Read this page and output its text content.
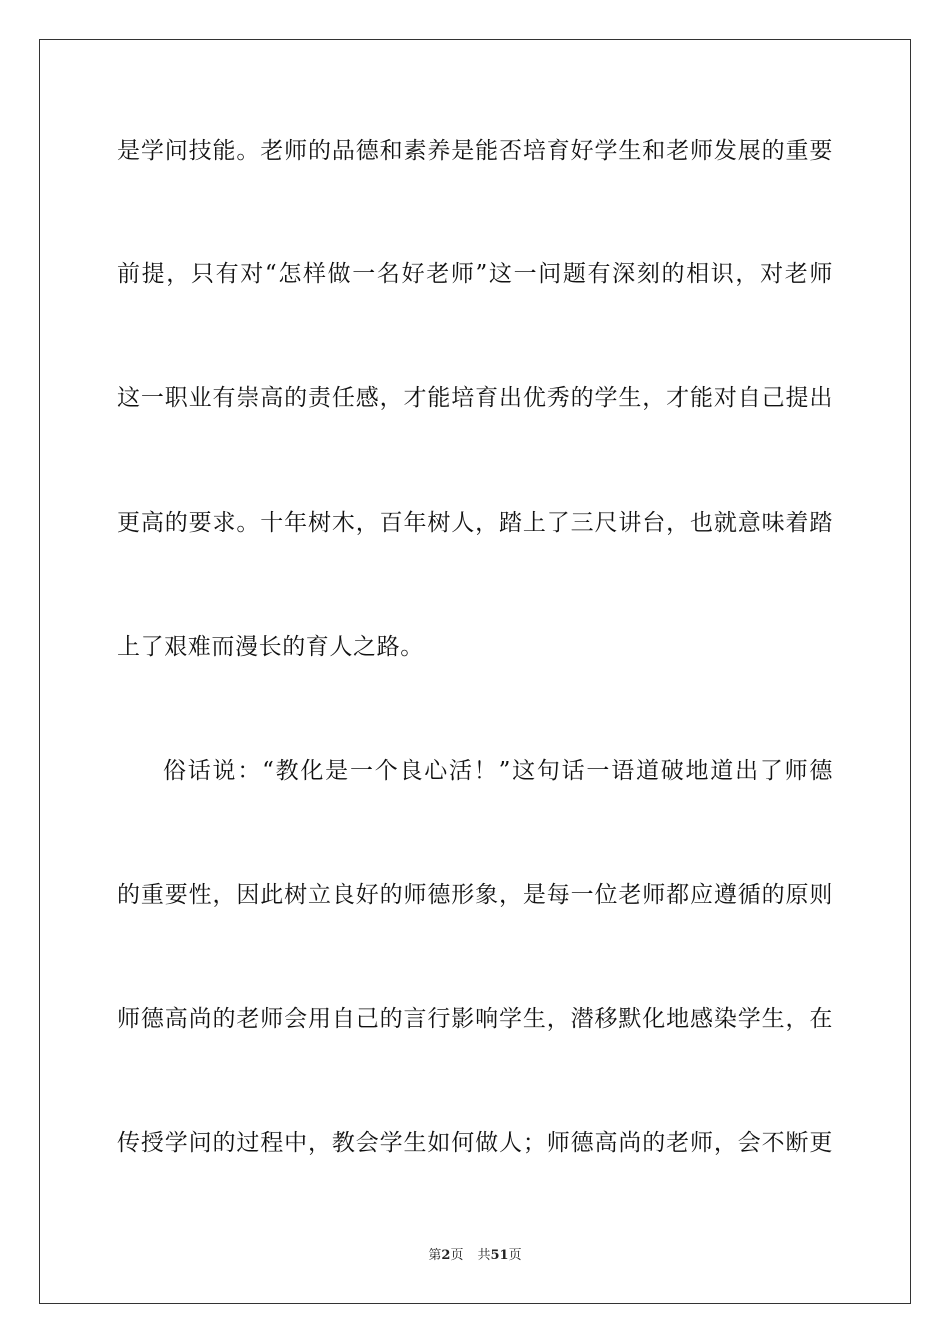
是学问技能。老师的品德和素养是能否培育好学生和老师发展的重要
前提，只有对“怎样做一名好老师”这一问题有深刻的相识，对老师
这一职业有崇高的责任感，才能培育出优秀的学生，才能对自己提出
更高的要求。十年树木，百年树人，踏上了三尺讲台，也就意味着踏
上了艰难而漫长的育人之路。
俗话说：“教化是一个良心活！”这句话一语道破地道出了师德
的重要性，因此树立良好的师德形象，是每一位老师都应遵循的原则
师德高尚的老师会用自己的言行影响学生，潜移默化地感染学生，在
传授学问的过程中，教会学生如何做人；师德高尚的老师，会不断更
第2页 共51页
